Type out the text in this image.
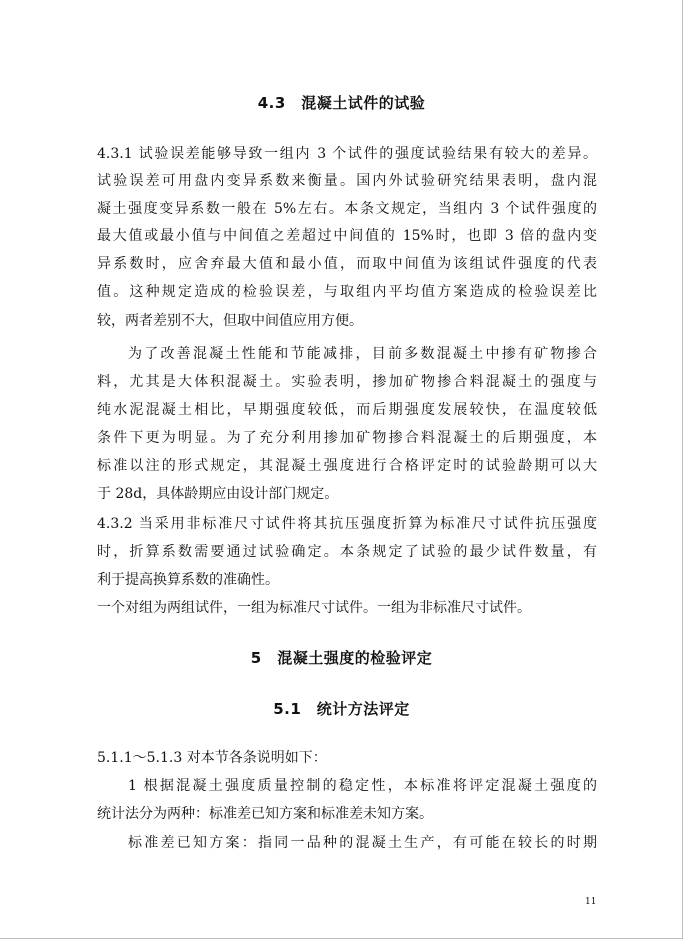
4.3　混凝土试件的试验
4.3.1 试验误差能够导致一组内 3 个试件的强度试验结果有较大的差异。
试验误差可用盘内变异系数来衡量。国内外试验研究结果表明，盘内混
凝土强度变异系数一般在 5%左右。本条文规定，当组内 3 个试件强度的
最大值或最小值与中间值之差超过中间值的 15%时，也即 3 倍的盘内变
异系数时，应舍弃最大值和最小值，而取中间值为该组试件强度的代表
值。这种规定造成的检验误差，与取组内平均值方案造成的检验误差比
较，两者差别不大，但取中间值应用方便。
为了改善混凝土性能和节能减排，目前多数混凝土中掺有矿物掺合
料，尤其是大体积混凝土。实验表明，掺加矿物掺合料混凝土的强度与
纯水泥混凝土相比，早期强度较低，而后期强度发展较快，在温度较低
条件下更为明显。为了充分利用掺加矿物掺合料混凝土的后期强度，本
标准以注的形式规定，其混凝土强度进行合格评定时的试验龄期可以大
于 28d，具体龄期应由设计部门规定。
4.3.2 当采用非标准尺寸试件将其抗压强度折算为标准尺寸试件抗压强度
时，折算系数需要通过试验确定。本条规定了试验的最少试件数量，有
利于提高换算系数的准确性。
一个对组为两组试件，一组为标准尺寸试件。一组为非标准尺寸试件。
5　混凝土强度的检验评定
5.1　统计方法评定
5.1.1～5.1.3 对本节各条说明如下：
1 根据混凝土强度质量控制的稳定性，本标准将评定混凝土强度的
统计法分为两种：标准差已知方案和标准差未知方案。
标准差已知方案：指同一品种的混凝土生产，有可能在较长的时期
11
